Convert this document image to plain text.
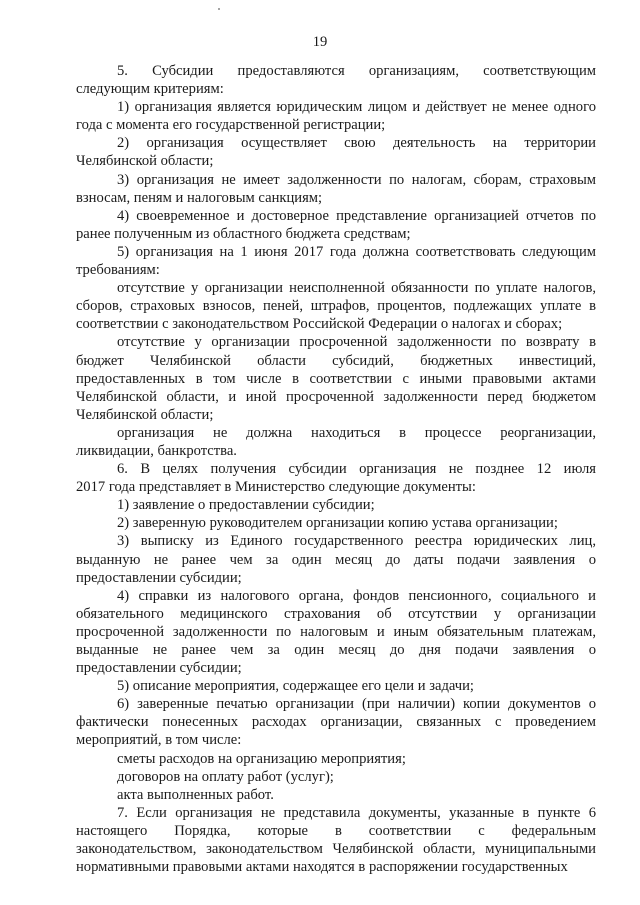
19
5. Субсидии предоставляются организациям, соответствующим
следующим критериям:
1) организация является юридическим лицом и действует не менее одного
года с момента его государственной регистрации;
2) организация осуществляет свою деятельность на территории
Челябинской области;
3) организация не имеет задолженности по налогам, сборам, страховым
взносам, пеням и налоговым санкциям;
4) своевременное и достоверное представление организацией отчетов по
ранее полученным из областного бюджета средствам;
5) организация на 1 июня 2017 года должна соответствовать следующим
требованиям:
отсутствие у организации неисполненной обязанности по уплате налогов,
сборов, страховых взносов, пеней, штрафов, процентов, подлежащих уплате в
соответствии с законодательством Российской Федерации о налогах и сборах;
отсутствие у организации просроченной задолженности по возврату в
бюджет Челябинской области субсидий, бюджетных инвестиций,
предоставленных в том числе в соответствии с иными правовыми актами
Челябинской области, и иной просроченной задолженности перед бюджетом
Челябинской области;
организация не должна находиться в процессе реорганизации,
ликвидации, банкротства.
6. В целях получения субсидии организация не позднее 12 июля
2017 года представляет в Министерство следующие документы:
1) заявление о предоставлении субсидии;
2) заверенную руководителем организации копию устава организации;
3) выписку из Единого государственного реестра юридических лиц,
выданную не ранее чем за один месяц до даты подачи заявления о
предоставлении субсидии;
4) справки из налогового органа, фондов пенсионного, социального и
обязательного медицинского страхования об отсутствии у организации
просроченной задолженности по налоговым и иным обязательным платежам,
выданные не ранее чем за один месяц до дня подачи заявления о
предоставлении субсидии;
5) описание мероприятия, содержащее его цели и задачи;
6) заверенные печатью организации (при наличии) копии документов о
фактически понесенных расходах организации, связанных с проведением
мероприятий, в том числе:
сметы расходов на организацию мероприятия;
договоров на оплату работ (услуг);
акта выполненных работ.
7. Если организация не представила документы, указанные в пункте 6
настоящего Порядка, которые в соответствии с федеральным
законодательством, законодательством Челябинской области, муниципальными
нормативными правовыми актами находятся в распоряжении государственных
